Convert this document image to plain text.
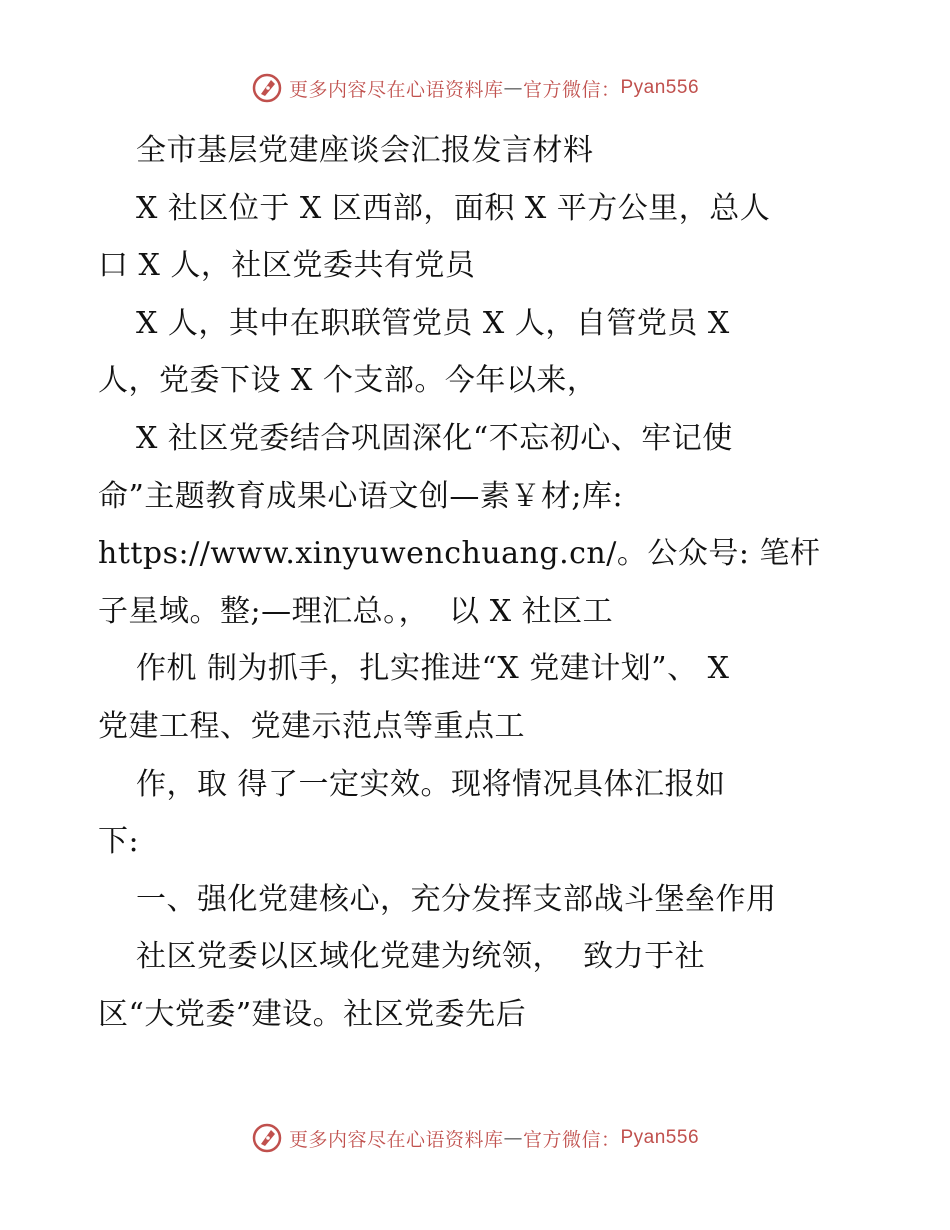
更多内容尽在心语资料库 — 官方微信： Pyan556
全市基层党建座谈会汇报发言材料
X 社区位于 X 区西部，面积 X 平方公里，总人
口 X 人，社区党委共有党员
X 人，其中在职联管党员 X 人，自管党员 X
人，党委下设 X 个支部。今年以来，
X 社区党委结合巩固深化“不忘初心、牢记使
命”主题教育成果心语文创—素￥材;库:
https://www.xinyuwenchuang.cn/。公众号: 笔杆
子星域。整;—理汇总。，  以 X 社区工
作机 制为抓手，扎实推进“X 党建计划”、 X
党建工程、党建示范点等重点工
作，取 得了一定实效。现将情况具体汇报如
下:
一、强化党建核心，充分发挥支部战斗堡垒作用
社区党委以区域化党建为统领，  致力于社
区“大党委”建设。社区党委先后
更多内容尽在心语资料库 — 官方微信： Pyan556
